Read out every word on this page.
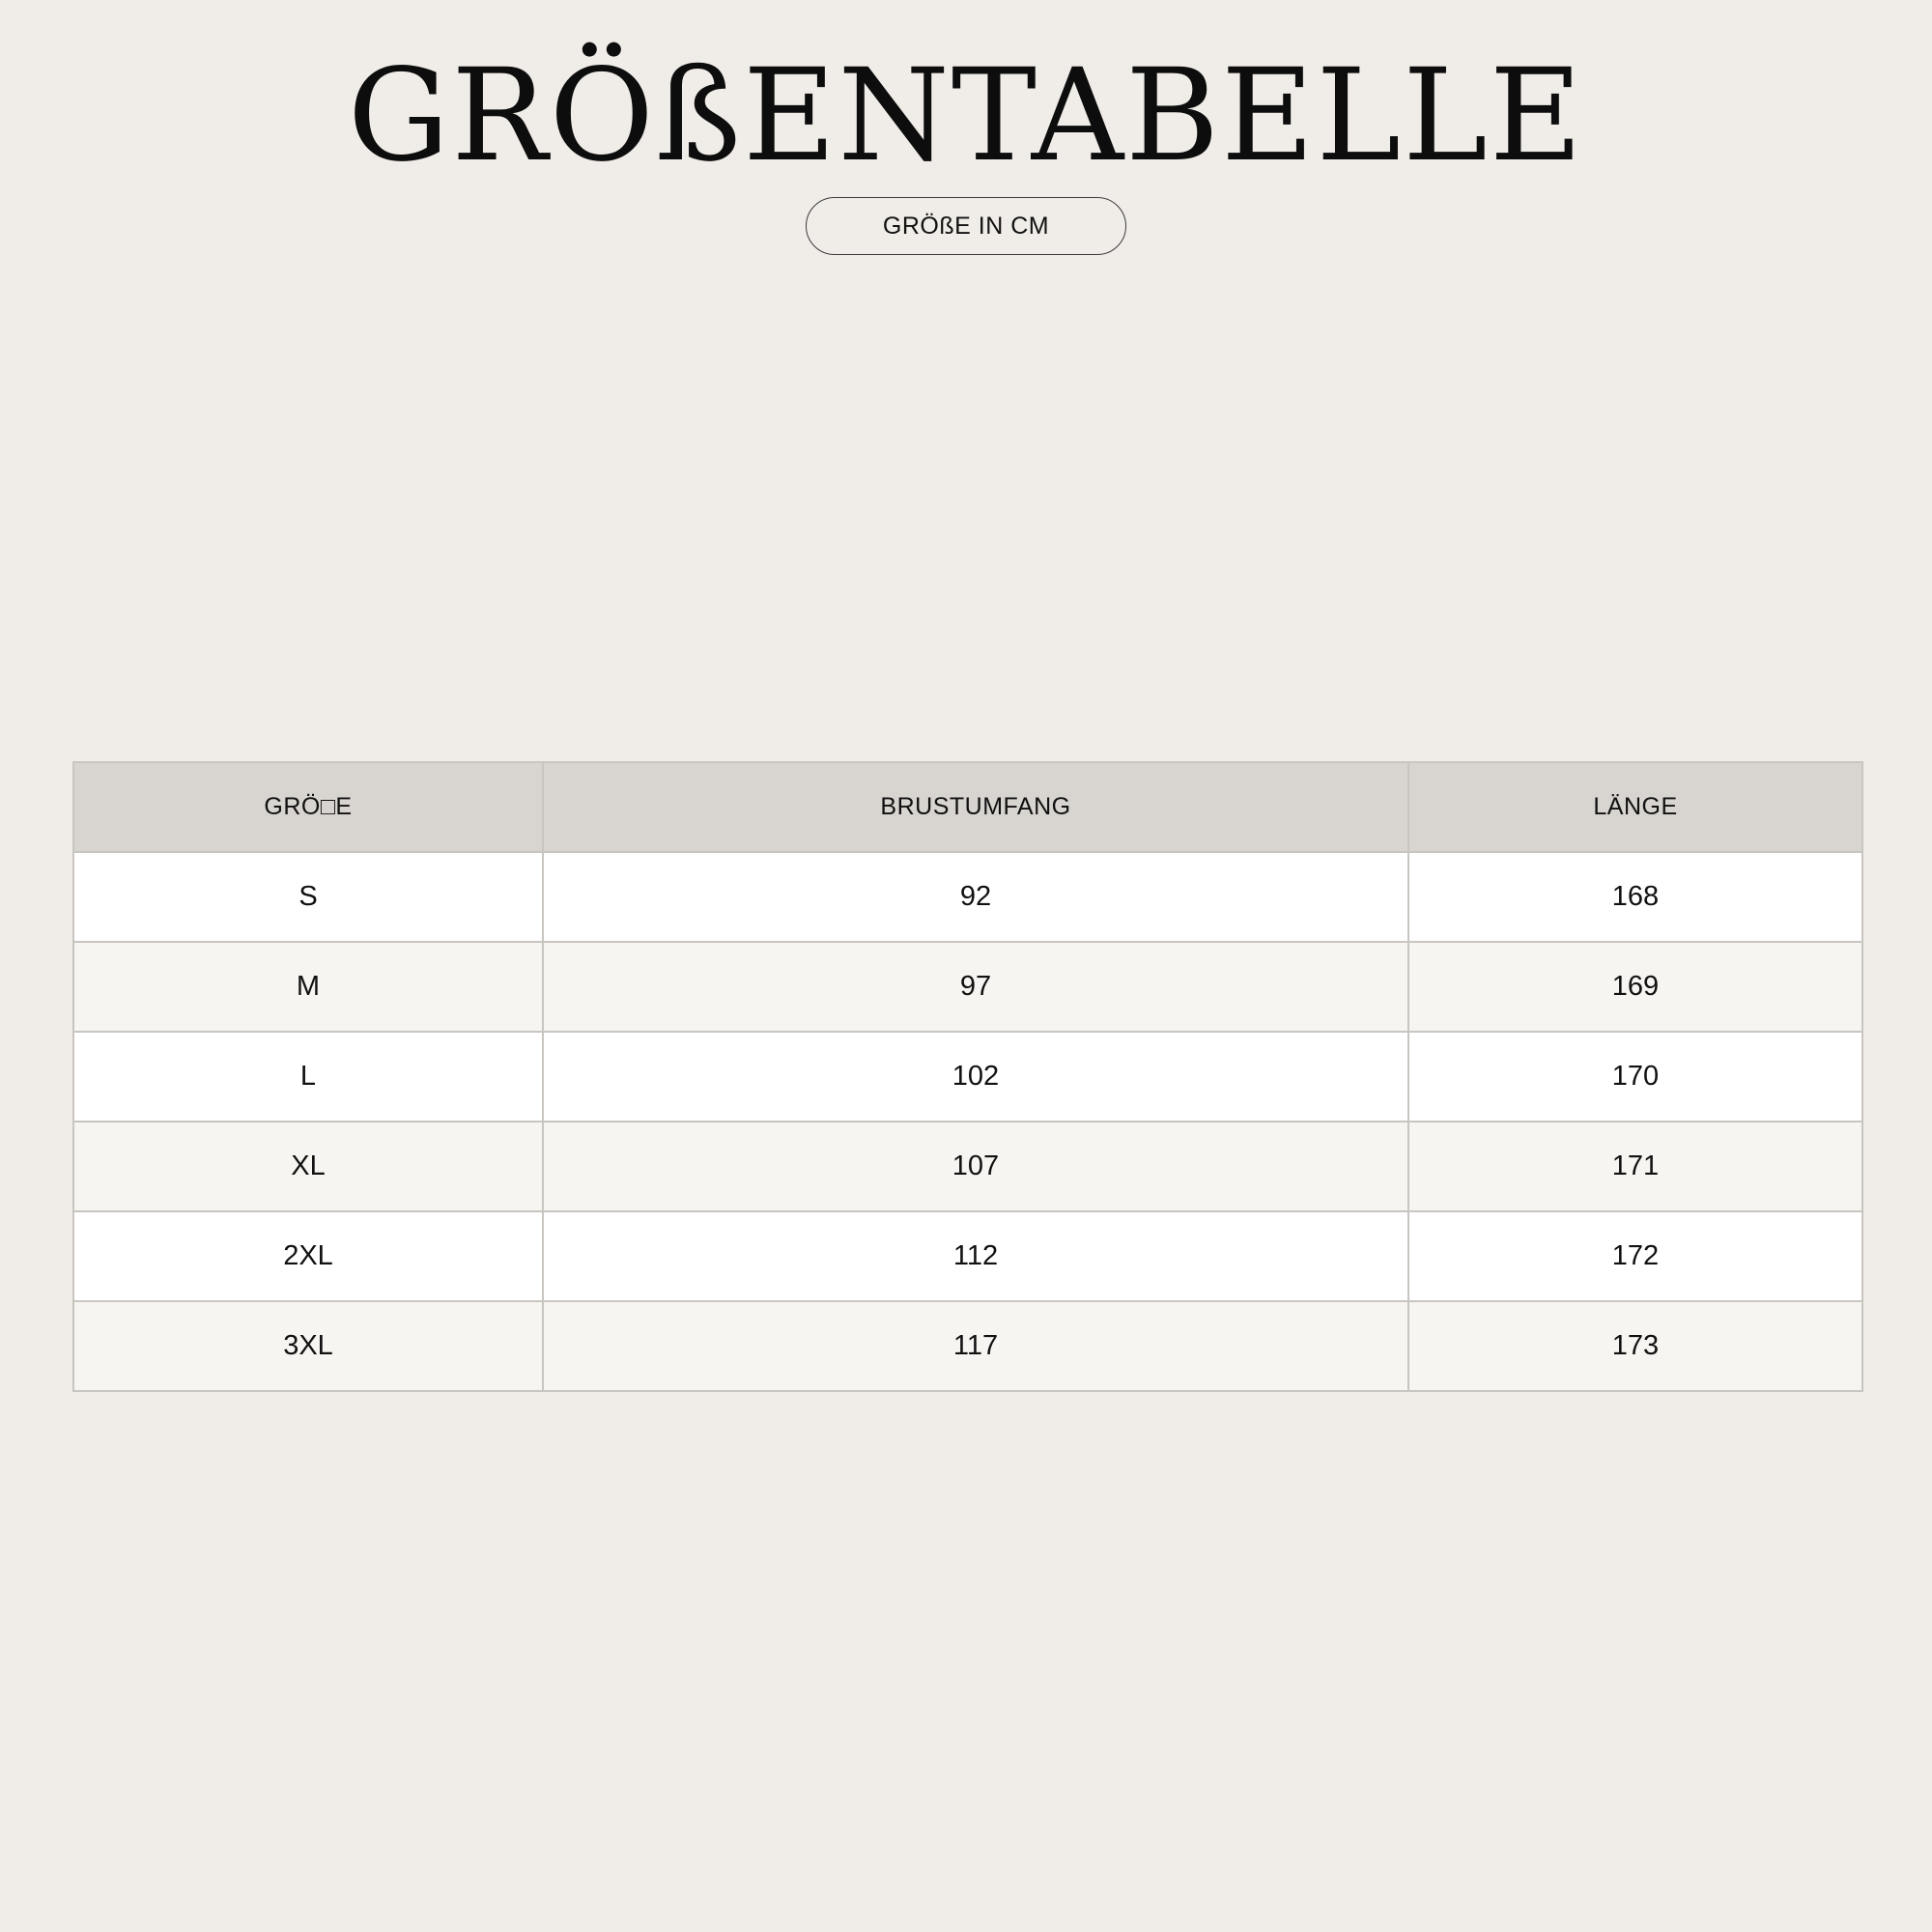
GRÖßENTABELLE
GRÖßE IN CM
GRÖ□E	BRUSTUMFANG	LÄNGE
S	92	168
M	97	169
L	102	170
XL	107	171
2XL	112	172
3XL	117	173
